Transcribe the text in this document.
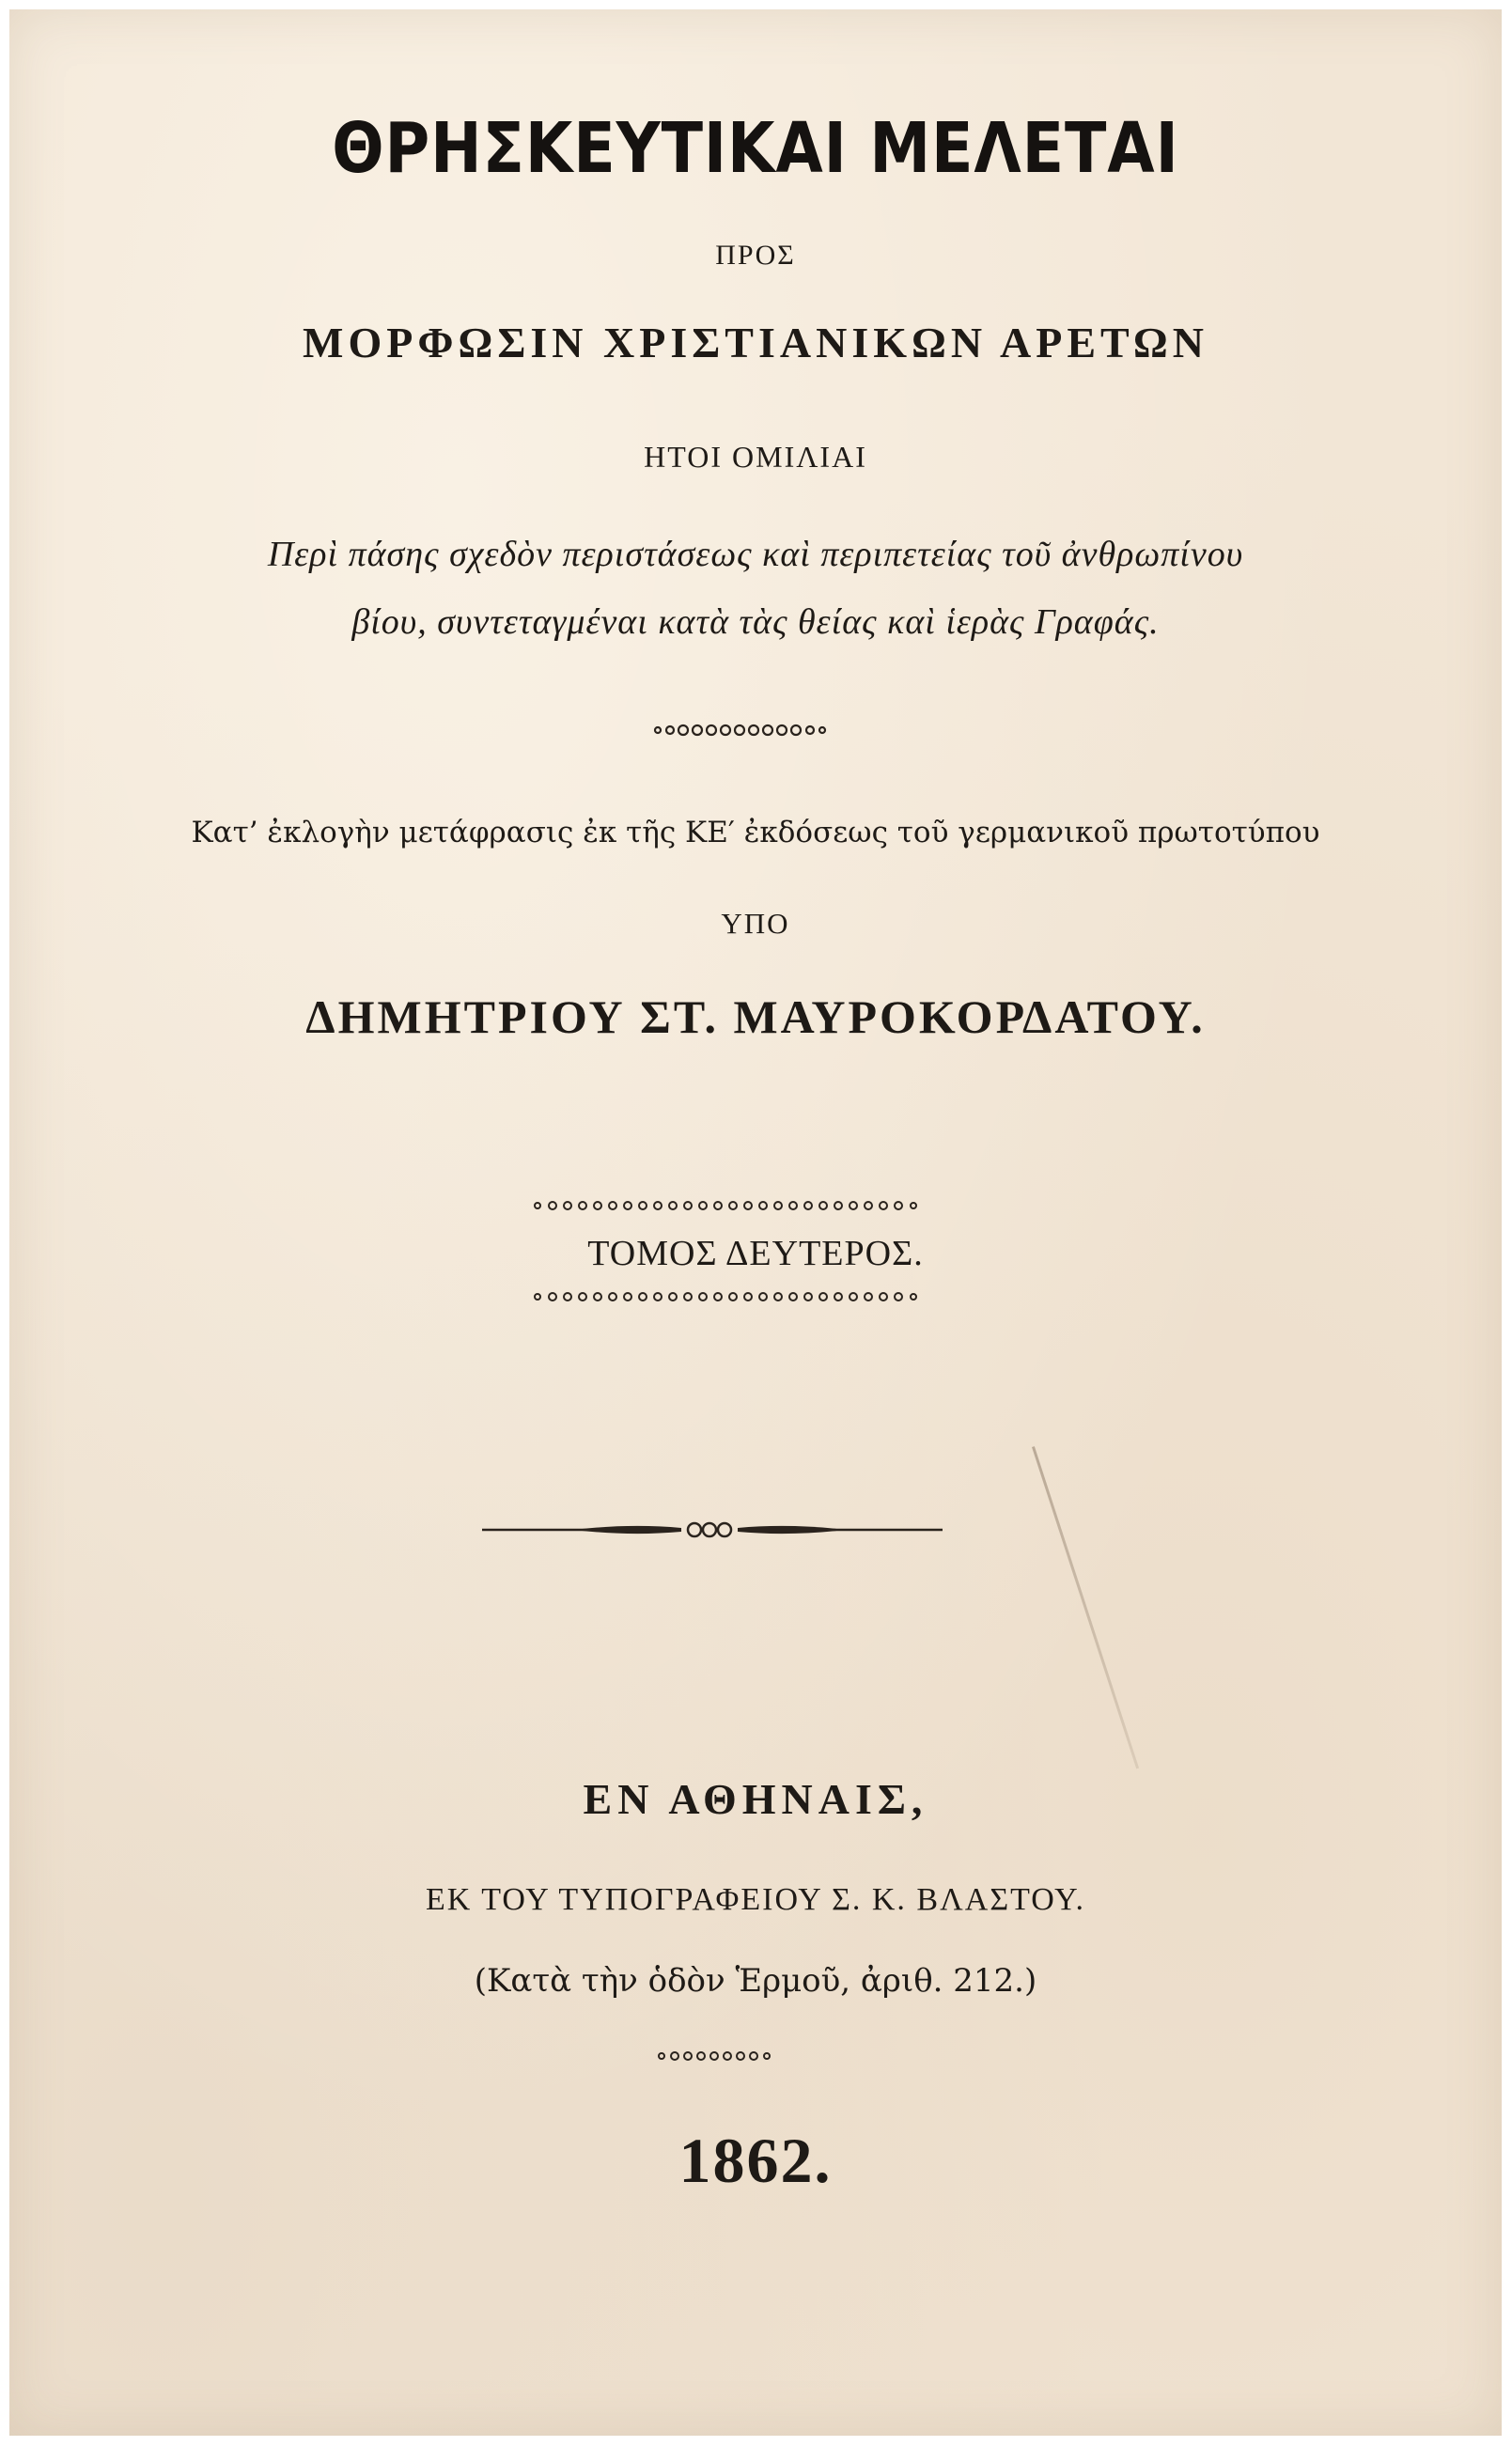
ΘΡΗΣΚΕΥΤΙΚΑΙ ΜΕΛΕΤΑΙ
ΠΡΟΣ
ΜΟΡΦΩΣΙΝ ΧΡΙΣΤΙΑΝΙΚΩΝ ΑΡΕΤΩΝ
ΗΤΟΙ ΟΜΙΛΙΑΙ
Περὶ πάσης σχεδὸν περιστάσεως καὶ περιπετείας τοῦ ἀνθρωπίνου
βίου, συντεταγμέναι κατὰ τὰς θείας καὶ ἱερὰς Γραφάς.
Κατ’ ἐκλογὴν μετάφρασις ἐκ τῆς ΚΕ′ ἐκδόσεως τοῦ γερμανικοῦ πρωτοτύπου
ΥΠΟ
ΔΗΜΗΤΡΙΟΥ ΣΤ. ΜΑΥΡΟΚΟΡΔΑΤΟΥ.
ΤΟΜΟΣ ΔΕΥΤΕΡΟΣ.
ΕΝ ΑΘΗΝΑΙΣ,
ΕΚ ΤΟΥ ΤΥΠΟΓΡΑΦΕΙΟΥ Σ. Κ. ΒΛΑΣΤΟΥ.
(Κατὰ τὴν ὁδὸν Ἑρμοῦ, ἀριθ. 212.)
1862.
